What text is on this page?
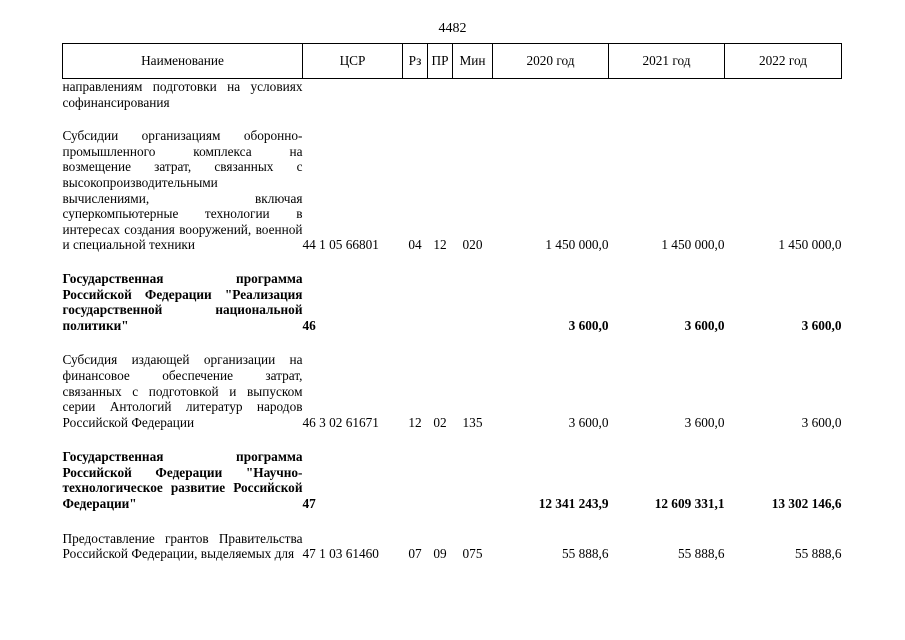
4482
Наименование	ЦСР	Рз	ПР	Мин	2020 год	2021 год	2022 год
направлениям подготовки на условиях софинансирования							

Субсидии организациям оборонно-промышленного комплекса на возмещение затрат, связанных с высокопроизводительными вычислениями, включая суперкомпьютерные технологии в интересах создания вооружений, военной и специальной техники	44 1 05 66801	04	12	020	1 450 000,0	1 450 000,0	1 450 000,0

Государственная программа Российской Федерации "Реализация государственной национальной политики"	46				3 600,0	3 600,0	3 600,0

Субсидия издающей организации на финансовое обеспечение затрат, связанных с подготовкой и выпуском серии Антологий литератур народов Российской Федерации	46 3 02 61671	12	02	135	3 600,0	3 600,0	3 600,0

Государственная программа Российской Федерации "Научно-технологическое развитие Российской Федерации"	47				12 341 243,9	12 609 331,1	13 302 146,6

Предоставление грантов Правительства Российской Федерации, выделяемых для	47 1 03 61460	07	09	075	55 888,6	55 888,6	55 888,6
